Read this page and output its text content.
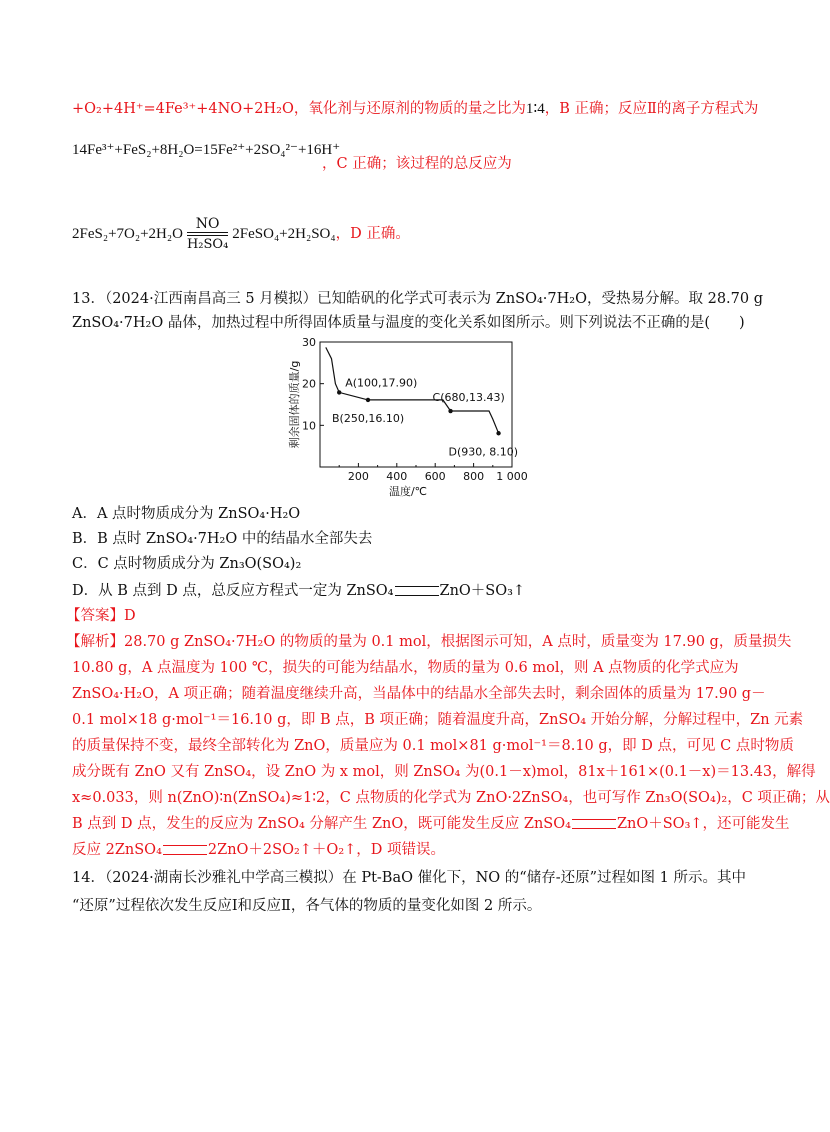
+O₂+4H⁺=4Fe³⁺+4NO+2H₂O，氧化剂与还原剂的物质的量之比为1∶4，B 正确；反应Ⅱ的离子方程式为
14Fe³⁺+FeS₂+8H₂O=15Fe²⁺+2SO₄²⁻+16H⁺
，C 正确；该过程的总反应为
$2FeS_2+7O_2+2H_2O \frac{NO}{\text{H₂SO₄}}$ 2FeSO₄+2H₂SO₄，D 正确。
13．（2024·江西南昌高三 5 月模拟）已知皓矾的化学式可表示为 ZnSO₄·7H₂O，受热易分解。取 28.70 g
ZnSO₄·7H₂O 晶体，加热过程中所得固体质量与温度的变化关系如图所示。则下列说法不正确的是(　　)
200 400 600 800 1 000
10
20
30
温度/℃
剩余固体的质量/g	A(100,17.90)
B(250,16.10)
C(680,13.43)
D(930, 8.10)
A．A 点时物质成分为 ZnSO₄·H₂O
B．B 点时 ZnSO₄·7H₂O 中的结晶水全部失去
C．C 点时物质成分为 Zn₃O(SO₄)₂
D．从 B 点到 D 点，总反应方程式一定为 ZnSO₄	ZnO＋SO₃↑
【答案】D
【解析】28.70 g ZnSO₄·7H₂O 的物质的量为 0.1 mol，根据图示可知，A 点时，质量变为 17.90 g，质量损失
10.80 g，A 点温度为 100 ℃，损失的可能为结晶水，物质的量为 0.6 mol，则 A 点物质的化学式应为
ZnSO₄·H₂O，A 项正确；随着温度继续升高，当晶体中的结晶水全部失去时，剩余固体的质量为 17.90 g－
0.1 mol×18 g·mol⁻¹＝16.10 g，即 B 点，B 项正确；随着温度升高，ZnSO₄ 开始分解，分解过程中，Zn 元素
的质量保持不变，最终全部转化为 ZnO，质量应为 0.1 mol×81 g·mol⁻¹＝8.10 g，即 D 点，可见 C 点时物质
成分既有 ZnO 又有 ZnSO₄，设 ZnO 为 x mol，则 ZnSO₄ 为(0.1－x)mol，81x＋161×(0.1－x)＝13.43，解得
x≈0.033，则 n(ZnO)∶n(ZnSO₄)≈1∶2，C 点物质的化学式为 ZnO·2ZnSO₄，也可写作 Zn₃O(SO₄)₂，C 项正确；从
B 点到 D 点，发生的反应为 ZnSO₄ 分解产生 ZnO，既可能发生反应 ZnSO₄	ZnO＋SO₃↑，还可能发生
反应 2ZnSO₄	2ZnO＋2SO₂↑＋O₂↑，D 项错误。
14．（2024·湖南长沙雅礼中学高三模拟）在 Pt-BaO 催化下，NO 的“储存-还原”过程如图 1 所示。其中
“还原”过程依次发生反应Ⅰ和反应Ⅱ，各气体的物质的量变化如图 2 所示。
